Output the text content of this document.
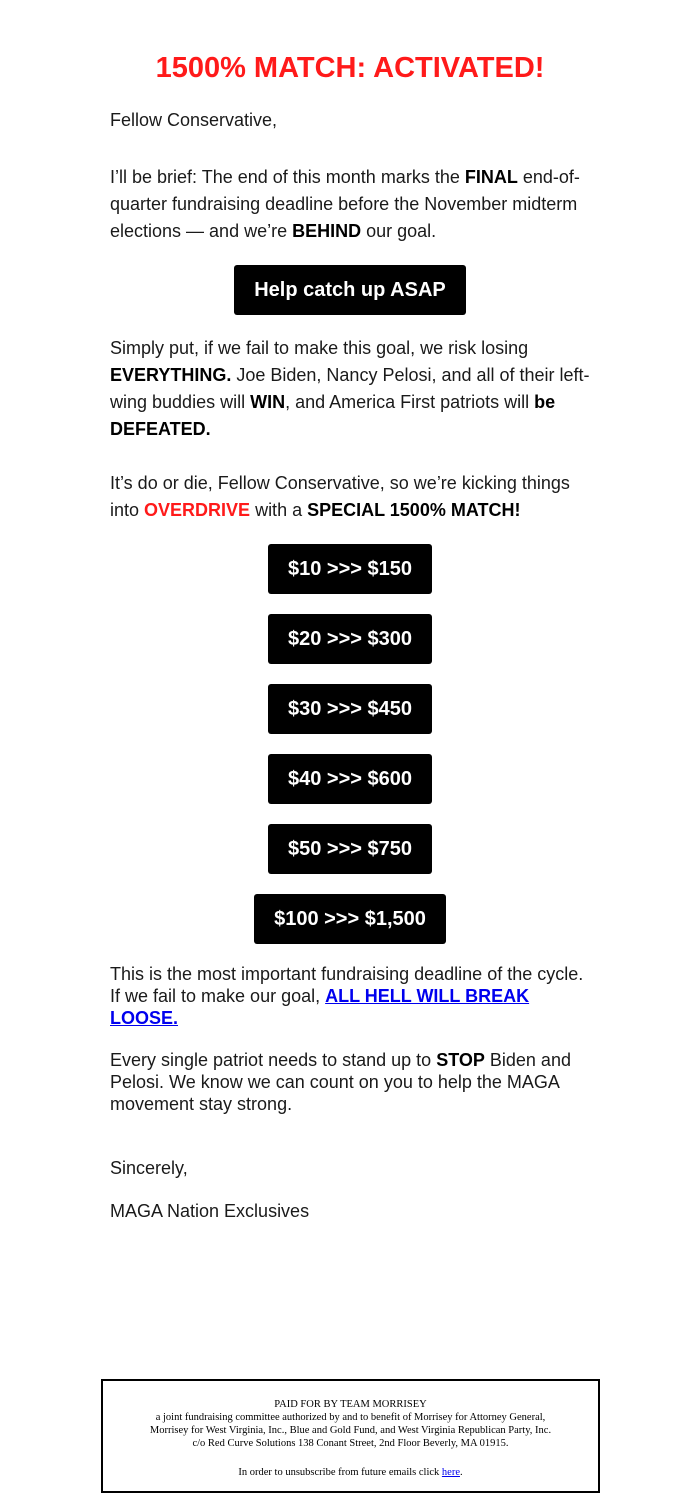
1500% MATCH: ACTIVATED!

Fellow Conservative,

I’ll be brief: The end of this month marks the FINAL end-of-quarter fundraising deadline before the November midterm elections — and we’re BEHIND our goal.

Help catch up ASAP

Simply put, if we fail to make this goal, we risk losing EVERYTHING. Joe Biden, Nancy Pelosi, and all of their left-wing buddies will WIN, and America First patriots will be DEFEATED.

It’s do or die, Fellow Conservative, so we’re kicking things into OVERDRIVE with a SPECIAL 1500% MATCH!

$10 >>> $150
$20 >>> $300
$30 >>> $450
$40 >>> $600
$50 >>> $750
$100 >>> $1,500

This is the most important fundraising deadline of the cycle. If we fail to make our goal, ALL HELL WILL BREAK LOOSE.

Every single patriot needs to stand up to STOP Biden and Pelosi. We know we can count on you to help the MAGA movement stay strong.

Sincerely,

MAGA Nation Exclusives

PAID FOR BY TEAM MORRISEY
a joint fundraising committee authorized by and to benefit of Morrisey for Attorney General,
Morrisey for West Virginia, Inc., Blue and Gold Fund, and West Virginia Republican Party, Inc.
c/o Red Curve Solutions 138 Conant Street, 2nd Floor Beverly, MA 01915.
In order to unsubscribe from future emails click here.
